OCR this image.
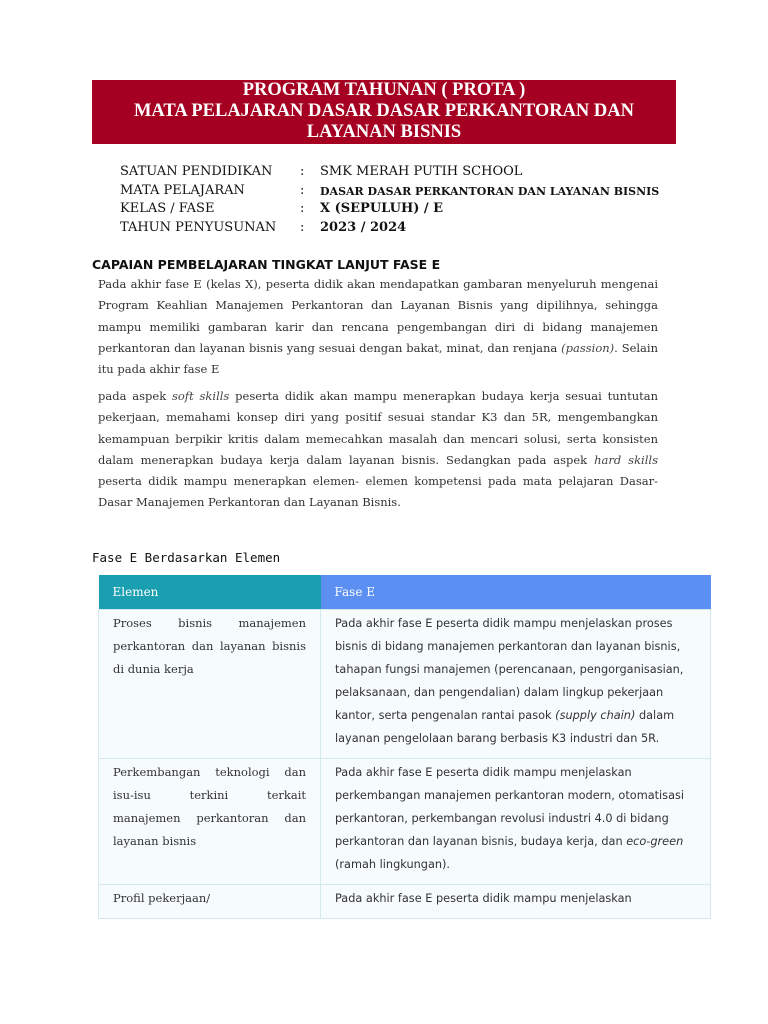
PROGRAM TAHUNAN ( PROTA )
MATA PELAJARAN DASAR DASAR PERKANTORAN DAN
LAYANAN BISNIS
SATUAN PENDIDIKAN : SMK MERAH PUTIH SCHOOL
MATA PELAJARAN	: DASAR DASAR PERKANTORAN DAN LAYANAN BISNIS
KELAS / FASE	: X (SEPULUH) / E
TAHUN PENYUSUNAN : 2023 / 2024
CAPAIAN PEMBELAJARAN TINGKAT LANJUT FASE E
Pada akhir fase E (kelas X), peserta didik akan mendapatkan gambaran menyeluruh mengenai Program Keahlian Manajemen Perkantoran dan Layanan Bisnis yang dipilihnya, sehingga mampu memiliki gambaran karir dan rencana pengembangan diri di bidang manajemen perkantoran dan layanan bisnis yang sesuai dengan bakat, minat, dan renjana (passion). Selain itu pada akhir fase E
pada aspek soft skills peserta didik akan mampu menerapkan budaya kerja sesuai tuntutan pekerjaan, memahami konsep diri yang positif sesuai standar K3 dan 5R, mengembangkan kemampuan berpikir kritis dalam memecahkan masalah dan mencari solusi, serta konsisten dalam menerapkan budaya kerja dalam layanan bisnis. Sedangkan pada aspek hard skills peserta didik mampu menerapkan elemen- elemen kompetensi pada mata pelajaran Dasar-Dasar Manajemen Perkantoran dan Layanan Bisnis.
Fase E Berdasarkan Elemen
Elemen	Fase E
Proses bisnis manajemen perkantoran dan layanan bisnis di dunia kerja	Pada akhir fase E peserta didik mampu menjelaskan proses bisnis di bidang manajemen perkantoran dan layanan bisnis, tahapan fungsi manajemen (perencanaan, pengorganisasian, pelaksanaan, dan pengendalian) dalam lingkup pekerjaan kantor, serta pengenalan rantai pasok (supply chain) dalam layanan pengelolaan barang berbasis K3 industri dan 5R.
Perkembangan teknologi dan isu-isu terkini terkait manajemen perkantoran dan layanan bisnis	Pada akhir fase E peserta didik mampu menjelaskan perkembangan manajemen perkantoran modern, otomatisasi perkantoran, perkembangan revolusi industri 4.0 di bidang perkantoran dan layanan bisnis, budaya kerja, dan eco-green (ramah lingkungan).
Profil pekerjaan/	Pada akhir fase E peserta didik mampu menjelaskan
